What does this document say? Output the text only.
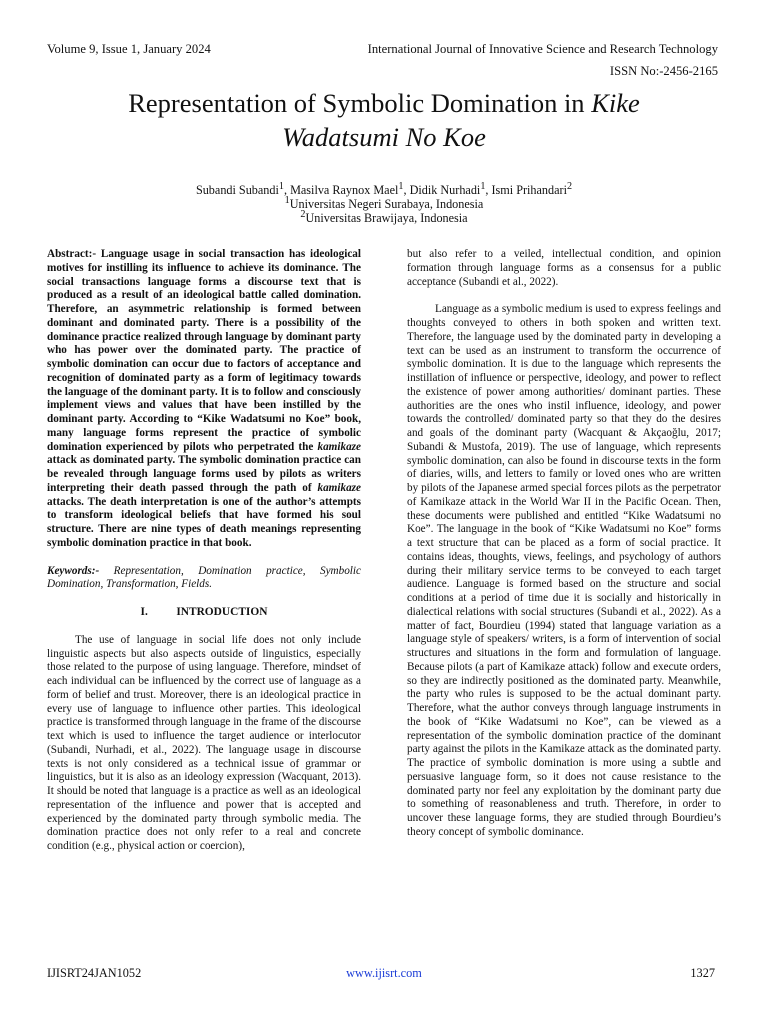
Volume 9, Issue 1, January 2024	International Journal of Innovative Science and Research Technology
ISSN No:-2456-2165
Representation of Symbolic Domination in Kike
Wadatsumi No Koe
Subandi Subandi$^1$, Masilva Raynox Mael$^1$, Didik Nurhadi$^1$, Ismi Prihandari$^2$
$^1$Universitas Negeri Surabaya, Indonesia
$^2$Universitas Brawijaya, Indonesia

Abstract:- Language usage in social transaction has ideological motives for instilling its influence to achieve its dominance. The social transactions language forms a discourse text that is produced as a result of an ideological battle called domination. Therefore, an asymmetric relationship is formed between dominant and dominated party. There is a possibility of the dominance practice realized through language by dominant party who has power over the dominated party. The practice of symbolic domination can occur due to factors of acceptance and recognition of dominated party as a form of legitimacy towards the language of the dominant party. It is to follow and consciously implement views and values that have been instilled by the dominant party. According to “Kike Wadatsumi no Koe” book, many language forms represent the practice of symbolic domination experienced by pilots who perpetrated the kamikaze attack as dominated party. The symbolic domination practice can be revealed through language forms used by pilots as writers interpreting their death passed through the path of kamikaze attacks. The death interpretation is one of the author’s attempts to transform ideological beliefs that have formed his soul structure. There are nine types of death meanings representing symbolic domination practice in that book.

Keywords:- Representation, Domination practice, Symbolic Domination, Transformation, Fields.

I. INTRODUCTION

The use of language in social life does not only include linguistic aspects but also aspects outside of linguistics, especially those related to the purpose of using language. Therefore, mindset of each individual can be influenced by the correct use of language as a form of belief and trust. Moreover, there is an ideological practice in every use of language to influence other parties. This ideological practice is transformed through language in the frame of the discourse text which is used to influence the target audience or interlocutor (Subandi, Nurhadi, et al., 2022). The language usage in discourse texts is not only considered as a technical issue of grammar or linguistics, but it is also as an ideology expression (Wacquant, 2013). It should be noted that language is a practice as well as an ideological representation of the influence and power that is accepted and experienced by the dominated party through symbolic media. The domination practice does not only refer to a real and concrete condition (e.g., physical action or coercion),

but also refer to a veiled, intellectual condition, and opinion formation through language forms as a consensus for a public acceptance (Subandi et al., 2022).

Language as a symbolic medium is used to express feelings and thoughts conveyed to others in both spoken and written text. Therefore, the language used by the dominated party in developing a text can be used as an instrument to transform the occurrence of symbolic domination. It is due to the language which represents the instillation of influence or perspective, ideology, and power to reflect the existence of power among authorities/ dominant parties. These authorities are the ones who instil influence, ideology, and power towards the controlled/ dominated party so that they do the desires and goals of the dominant party (Wacquant & Akçaoğlu, 2017; Subandi & Mustofa, 2019). The use of language, which represents symbolic domination, can also be found in discourse texts in the form of diaries, wills, and letters to family or loved ones who are written by pilots of the Japanese armed special forces pilots as the perpetrator of Kamikaze attack in the World War II in the Pacific Ocean. Then, these documents were published and entitled “Kike Wadatsumi no Koe”. The language in the book of “Kike Wadatsumi no Koe” forms a text structure that can be placed as a form of social practice. It contains ideas, thoughts, views, feelings, and psychology of authors during their military service terms to be conveyed to each target audience. Language is formed based on the structure and social conditions at a period of time due it is socially and historically in dialectical relations with social structures (Subandi et al., 2022). As a matter of fact, Bourdieu (1994) stated that language variation as a language style of speakers/ writers, is a form of intervention of social structures and situations in the form and formulation of language. Because pilots (a part of Kamikaze attack) follow and execute orders, so they are indirectly positioned as the dominated party. Meanwhile, the party who rules is supposed to be the actual dominant party. Therefore, what the author conveys through language instruments in the book of “Kike Wadatsumi no Koe”, can be viewed as a representation of the symbolic domination practice of the dominant party against the pilots in the Kamikaze attack as the dominated party. The practice of symbolic domination is more using a subtle and persuasive language form, so it does not cause resistance to the dominated party nor feel any exploitation by the dominant party due to something of reasonableness and truth. Therefore, in order to uncover these language forms, they are studied through Bourdieu’s theory concept of symbolic dominance.

IJISRT24JAN1052	www.ijisrt.com	1327
